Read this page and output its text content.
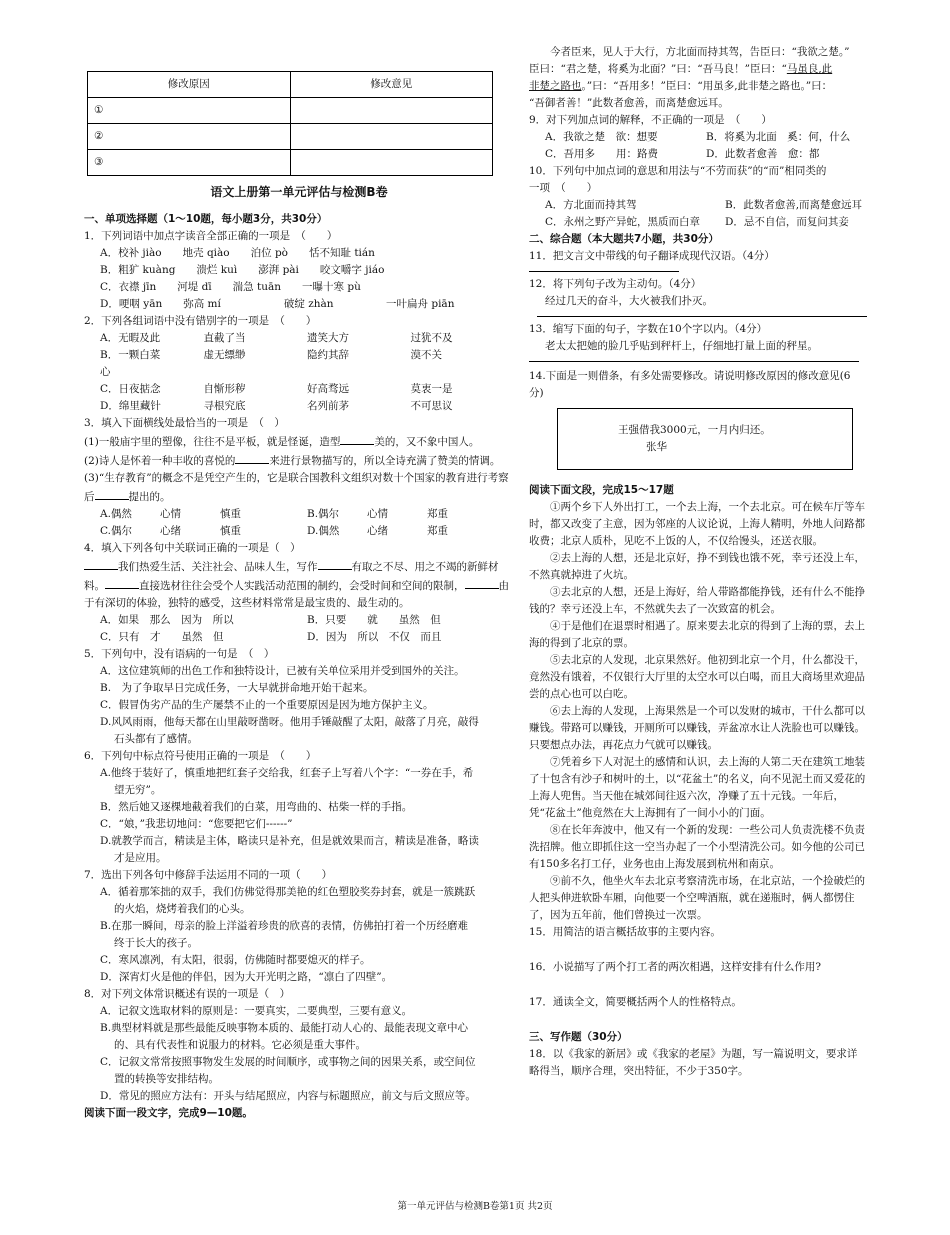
修改原因	修改意见
①	
②	
③	
语文上册第一单元评估与检测B卷
一、单项选择题（1～10题，每小题3分，共30分）
1．下列词语中加点字读音全部正确的一项是　（　　）
A．校补 jiào　　地壳 qiào　　泊位 pò　　恬不知耻 tián
B．粗犷 kuàng　　溃烂 kuì　　澎湃 pài　　咬文嚼字 jiáo
C．衣襟 jīn　　河堤 dī　　湍急 tuān　　一曝十寒 pù
D．哽咽 yān　　弥高 mí　　　　　　破绽 zhàn　　　　　一叶扁舟 piān
2．下列各组词语中没有错别字的一项是　（　　）
A．无暇及此	直截了当	遗笑大方	过犹不及
B．一颗白菜	虚无缥缈	隐约其辞	漠不关
心
C．日夜掂念	自惭形秽	好高骛远	莫衷一是
D．绵里藏针	寻根究底	名列前茅	不可思议
3．填入下面横线处最恰当的一项是　（　）
(1)一般庙宇里的塑像，往往不是平板，就是怪诞，造型	美的，又不象中国人。
(2)诗人是怀着一种丰收的喜悦的	来进行景物描写的，所以全诗充满了赞美的情调。
(3)“生存教育”的概念不是凭空产生的，它是联合国教科文组织对数十个国家的教育进行考察后	提出的。
A.偶然	心情	慎重	B.偶尔	心情	郑重
C.偶尔	心绪	慎重	D.偶然	心绪	郑重
4．填入下列各句中关联词正确的一项是（　）
我们热爱生活、关注社会、品味人生，写作	有取之不尽、用之不竭的新鲜材料。	直接选材往往会受个人实践活动范围的制约，会受时间和空间的限制，	由于有深切的体验，独特的感受，这些材料常常是最宝贵的、最生动的。
A．如果　那么　因为　所以	B．只要　　就　　虽然　但
C．只有　才　　虽然　但	D．因为　所以　不仅　而且
5．下列句中，没有语病的一句是　（　）
A．这位建筑师的出色工作和独特设计，已被有关单位采用并受到国外的关注。
B.　为了争取早日完成任务，一大早就拼命地开始干起来。
C．假冒伪劣产品的生产屡禁不止的一个重要原因是因为地方保护主义。
D.风风雨雨，他每天都在山里敲呀凿呀。他用手锤敲醒了太阳，敲落了月亮，敲得
石头都有了感情。
6．下列句中标点符号使用正确的一项是　（　　）
A.他终于装好了，慎重地把红套子交给我，红套子上写着八个字：“一券在手，希
望无穷”。
B．然后她又逐棵地截着我们的白菜，用弯曲的、枯柴一样的手指。
C．“娘，”我悲切地问：“您要把它们------”
D.就教学而言，精读是主体，略读只是补充，但是就效果而言，精读是准备，略读
才是应用。
7．选出下列各句中修辞手法运用不同的一项（　　）
A．循着那笨拙的双手，我们仿佛觉得那美艳的红色塑胶奖券封套，就是一簇跳跃
的火焰，烧烤着我们的心头。
B.在那一瞬间，母亲的脸上洋溢着珍贵的欣喜的表情，仿佛拍打着一个历经磨难
终于长大的孩子。
C．寒风凛冽，有太阳，很弱，仿佛随时都要熄灭的样子。
D．深宵灯火是他的伴侣，因为大开光明之路，“凛白了四壁”。
8．对下列文体常识概述有误的一项是（　）
A．记叙文选取材料的原则是：一要真实，二要典型，三要有意义。
B.典型材料就是那些最能反映事物本质的、最能打动人心的、最能表现文章中心
的、具有代表性和说服力的材料。它必须是重大事件。
C．记叙文常常按照事物发生发展的时间顺序，或事物之间的因果关系，或空间位
置的转换等安排结构。
D．常见的照应方法有：开头与结尾照应，内容与标题照应，前文与后文照应等。
阅读下面一段文字，完成9—10题。
今者臣来，见人于大行，方北面而持其驾，告臣曰：“我欲之楚。”
臣曰：“君之楚，将奚为北面？”曰：“吾马良！”臣曰：“马虽良,此
非楚之路也。”曰：“吾用多！”臣曰：“用虽多,此非楚之路也。”曰：
“吾御者善！”此数者愈善，而离楚愈远耳。
9．对下列加点词的解释，不正确的一项是　（　　）
A．我欲之楚　欲：想要	B．将奚为北面　奚：何，什么
C．吾用多　　用：路费	D．此数者愈善　愈：都
10．下列句中加点词的意思和用法与“不劳而获”的“而”相同类的
一项　（　　）
A．方北面而持其驾	B．此数者愈善,而离楚愈远耳
C．永州之野产异蛇，黑质而白章	D．忌不自信，而复问其妾
二、综合题（本大题共7小题，共30分）
11．把文言文中带线的句子翻译成现代汉语。（4分）
12．将下列句子改为主动句。（4分）
经过几天的奋斗，大火被我们扑灭。
13．缩写下面的句子，字数在10个字以内。（4分）
老太太把她的脸几乎贴到秤杆上，仔细地打量上面的秤星。
14.下面是一则借条，有多处需要修改。请说明修改原因的修改意见(6
分)
王强借我3000元，一月内归还。
张华
阅读下面文段，完成15～17题
①两个乡下人外出打工，一个去上海，一个去北京。可在候车厅等车时，都又改变了主意，因为邻座的人议论说，上海人精明，外地人问路都收费；北京人质朴，见吃不上饭的人，不仅给馒头，还送衣服。
②去上海的人想，还是北京好，挣不到钱也饿不死，幸亏还没上车，不然真就掉进了火坑。
③去北京的人想，还是上海好，给人带路都能挣钱，还有什么不能挣钱的？幸亏还没上车，不然就失去了一次致富的机会。
④于是他们在退票时相遇了。原来要去北京的得到了上海的票，去上海的得到了北京的票。
⑤去北京的人发现，北京果然好。他初到北京一个月，什么都没干，竟然没有饿着，不仅银行大厅里的太空水可以白喝，而且大商场里欢迎品尝的点心也可以白吃。
⑥去上海的人发现，上海果然是一个可以发财的城市，干什么都可以赚钱。带路可以赚钱，开厕所可以赚钱，弄盆凉水让人洗脸也可以赚钱。只要想点办法，再花点力气就可以赚钱。
⑦凭着乡下人对泥土的感情和认识，去上海的人第二天在建筑工地装了十包含有沙子和树叶的土，以“花盆土”的名义，向不见泥土而又爱花的上海人兜售。当天他在城郊间往返六次，净赚了五十元钱。一年后，凭“花盆土”他竟然在大上海拥有了一间小小的门面。
⑧在长年奔波中，他又有一个新的发现：一些公司人负责洗楼不负责洗招牌。他立即抓住这一空当办起了一个小型清洗公司。如今他的公司已有150多名打工仔，业务也由上海发展到杭州和南京。
⑨前不久，他坐火车去北京考察清洗市场，在北京站，一个捡破烂的人把头伸进软卧车厢，向他要一个空啤酒瓶，就在递瓶时，俩人都愣住了，因为五年前，他们曾换过一次票。
15．用简洁的语言概括故事的主要内容。
16．小说描写了两个打工者的两次相遇，这样安排有什么作用?
17．通读全文，简要概括两个人的性格特点。
三、写作题（30分）
18．以《我家的新居》或《我家的老屋》为题，写一篇说明文，要求详略得当，顺序合理，突出特征，不少于350字。
第一单元评估与检测B卷第1页 共2页
